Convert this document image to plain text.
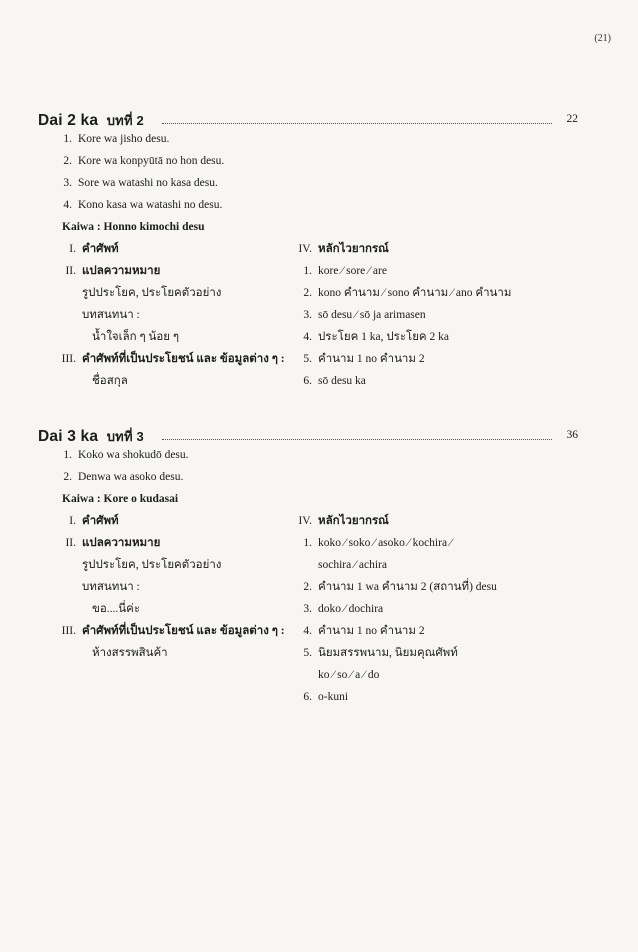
(21)
Dai 2 ka บทที่ 2	22
1. Kore wa jisho desu.
2. Kore wa konpyūtā no hon desu.
3. Sore wa watashi no kasa desu.
4. Kono kasa wa watashi no desu.
Kaiwa : Honno kimochi desu
I. คำศัพท์
II. แปลความหมาย
รูปประโยค, ประโยคตัวอย่าง
บทสนทนา :
น้ำใจเล็ก ๆ น้อย ๆ
III. คำศัพท์ที่เป็นประโยชน์ และ ข้อมูลต่าง ๆ :
ชื่อสกุล
IV. หลักไวยากรณ์
1. kore ⁄ sore ⁄ are
2. kono คำนาม ⁄ sono คำนาม ⁄ ano คำนาม
3. sō desu ⁄ sō ja arimasen
4. ประโยค 1 ka, ประโยค 2 ka
5. คำนาม 1 no คำนาม 2
6. sō desu ka
Dai 3 ka บทที่ 3	36
1. Koko wa shokudō desu.
2. Denwa wa asoko desu.
Kaiwa : Kore o kudasai
I. คำศัพท์
II. แปลความหมาย
รูปประโยค, ประโยคตัวอย่าง
บทสนทนา :
ขอ....นี่ค่ะ
III. คำศัพท์ที่เป็นประโยชน์ และ ข้อมูลต่าง ๆ :
ห้างสรรพสินค้า
IV. หลักไวยากรณ์
1. koko ⁄ soko ⁄ asoko ⁄ kochira ⁄
sochira ⁄ achira
2. คำนาม 1 wa คำนาม 2 (สถานที่) desu
3. doko ⁄ dochira
4. คำนาม 1 no คำนาม 2
5. นิยมสรรพนาม, นิยมคุณศัพท์
ko ⁄ so ⁄ a ⁄ do
6. o-kuni
